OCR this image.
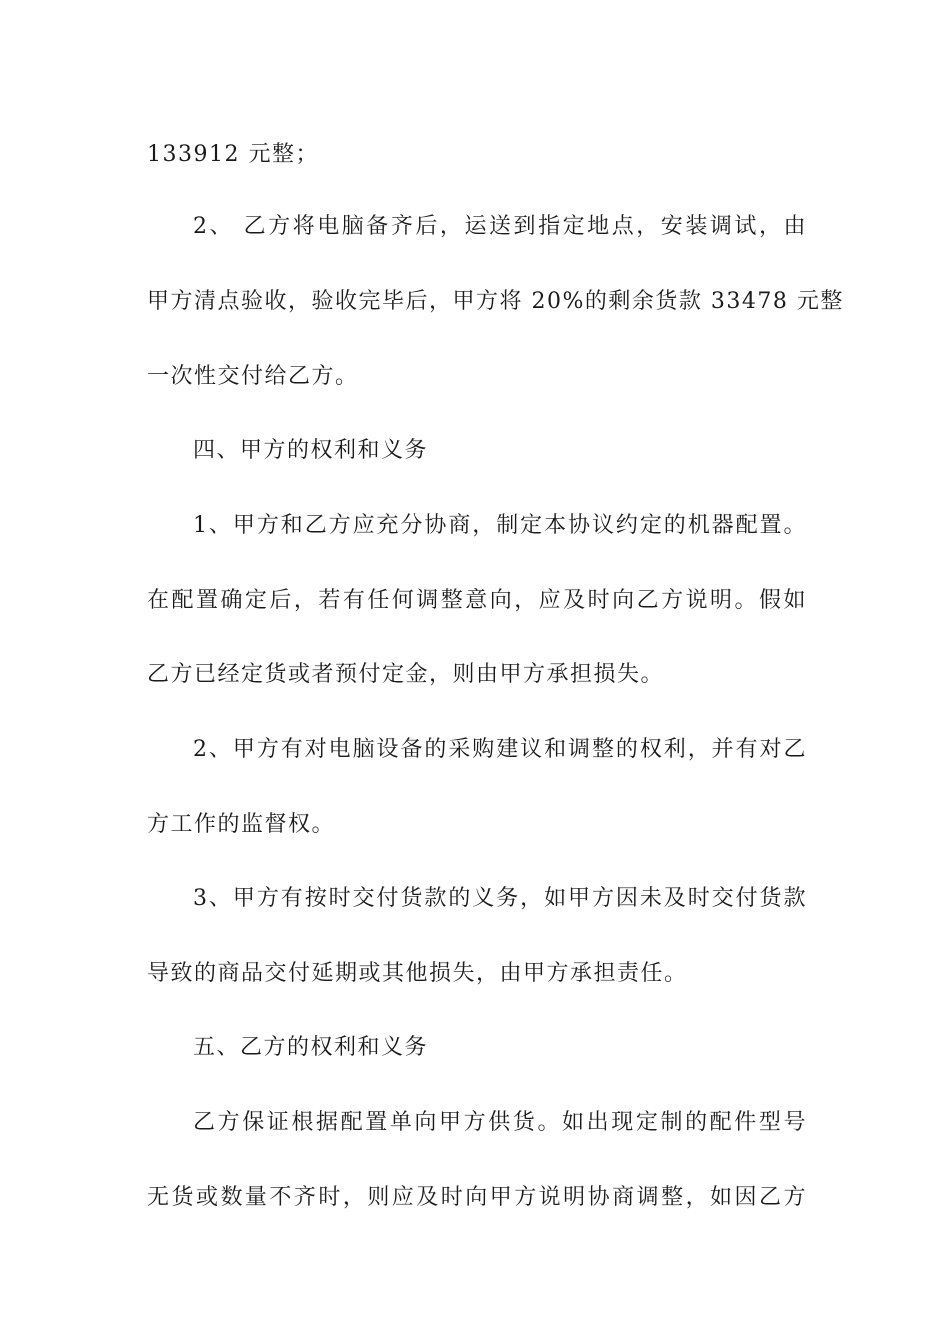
133912 元整；
2、 乙方将电脑备齐后，运送到指定地点，安装调试，由
甲方清点验收，验收完毕后，甲方将 20%的剩余货款 33478 元整
一次性交付给乙方。
四、甲方的权利和义务
1、甲方和乙方应充分协商，制定本协议约定的机器配置。
在配置确定后，若有任何调整意向，应及时向乙方说明。假如
乙方已经定货或者预付定金，则由甲方承担损失。
2、甲方有对电脑设备的采购建议和调整的权利，并有对乙
方工作的监督权。
3、甲方有按时交付货款的义务，如甲方因未及时交付货款
导致的商品交付延期或其他损失，由甲方承担责任。
五、乙方的权利和义务
乙方保证根据配置单向甲方供货。如出现定制的配件型号
无货或数量不齐时，则应及时向甲方说明协商调整，如因乙方
